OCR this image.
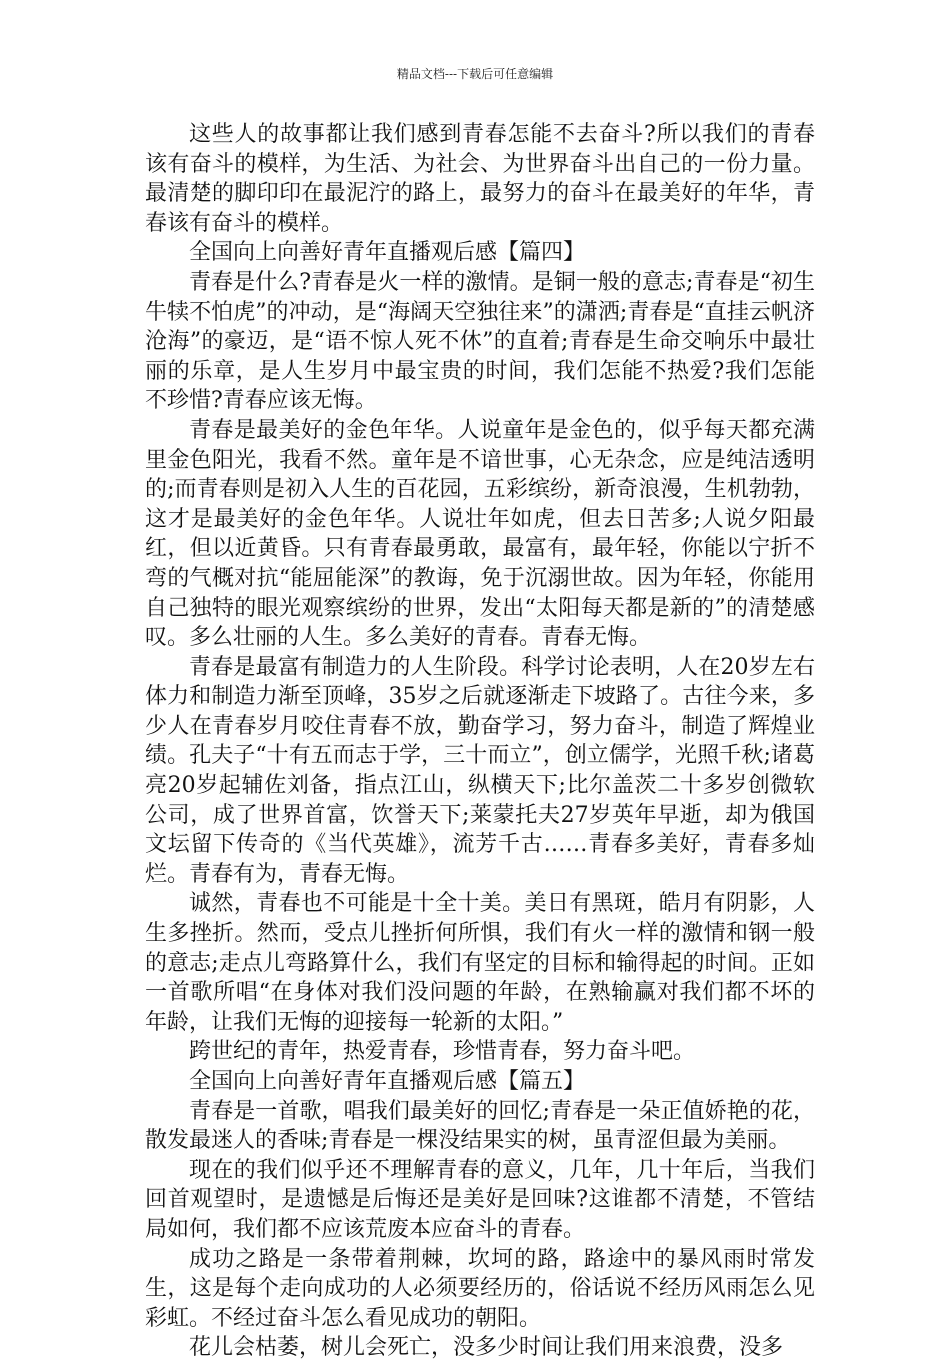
精品文档---下载后可任意编辑

这些人的故事都让我们感到青春怎能不去奋斗?所以我们的青春该有奋斗的模样，为生活、为社会、为世界奋斗出自己的一份力量。最清楚的脚印印在最泥泞的路上，最努力的奋斗在最美好的年华，青春该有奋斗的模样。

全国向上向善好青年直播观后感【篇四】

青春是什么?青春是火一样的激情。是铜一般的意志;青春是“初生牛犊不怕虎”的冲动，是“海阔天空独往来”的潇洒;青春是“直挂云帆济沧海”的豪迈，是“语不惊人死不休”的直着;青春是生命交响乐中最壮丽的乐章，是人生岁月中最宝贵的时间，我们怎能不热爱?我们怎能不珍惜?青春应该无悔。

青春是最美好的金色年华。人说童年是金色的，似乎每天都充满里金色阳光，我看不然。童年是不谙世事，心无杂念，应是纯洁透明的;而青春则是初入人生的百花园，五彩缤纷，新奇浪漫，生机勃勃，这才是最美好的金色年华。人说壮年如虎，但去日苦多;人说夕阳最红，但以近黄昏。只有青春最勇敢，最富有，最年轻，你能以宁折不弯的气概对抗“能屈能深”的教诲，免于沉溺世故。因为年轻，你能用自己独特的眼光观察缤纷的世界，发出“太阳每天都是新的”的清楚感叹。多么壮丽的人生。多么美好的青春。青春无悔。

青春是最富有制造力的人生阶段。科学讨论表明，人在20岁左右体力和制造力渐至顶峰，35岁之后就逐渐走下坡路了。古往今来，多少人在青春岁月咬住青春不放，勤奋学习，努力奋斗，制造了辉煌业绩。孔夫子“十有五而志于学，三十而立”，创立儒学，光照千秋;诸葛亮20岁起辅佐刘备，指点江山，纵横天下;比尔盖茨二十多岁创微软公司，成了世界首富，饮誉天下;莱蒙托夫27岁英年早逝，却为俄国文坛留下传奇的《当代英雄》，流芳千古……青春多美好，青春多灿烂。青春有为，青春无悔。

诚然，青春也不可能是十全十美。美日有黑斑，皓月有阴影，人生多挫折。然而，受点儿挫折何所惧，我们有火一样的激情和钢一般的意志;走点儿弯路算什么，我们有坚定的目标和输得起的时间。正如一首歌所唱“在身体对我们没问题的年龄，在熟输赢对我们都不坏的年龄，让我们无悔的迎接每一轮新的太阳。”

跨世纪的青年，热爱青春，珍惜青春，努力奋斗吧。

全国向上向善好青年直播观后感【篇五】

青春是一首歌，唱我们最美好的回忆;青春是一朵正值娇艳的花，散发最迷人的香味;青春是一棵没结果实的树，虽青涩但最为美丽。

现在的我们似乎还不理解青春的意义，几年，几十年后，当我们回首观望时，是遗憾是后悔还是美好是回味?这谁都不清楚，不管结局如何，我们都不应该荒废本应奋斗的青春。

成功之路是一条带着荆棘，坎坷的路，路途中的暴风雨时常发生，这是每个走向成功的人必须要经历的，俗话说不经历风雨怎么见彩虹。不经过奋斗怎么看见成功的朝阳。

花儿会枯萎，树儿会死亡，没多少时间让我们用来浪费，没多
